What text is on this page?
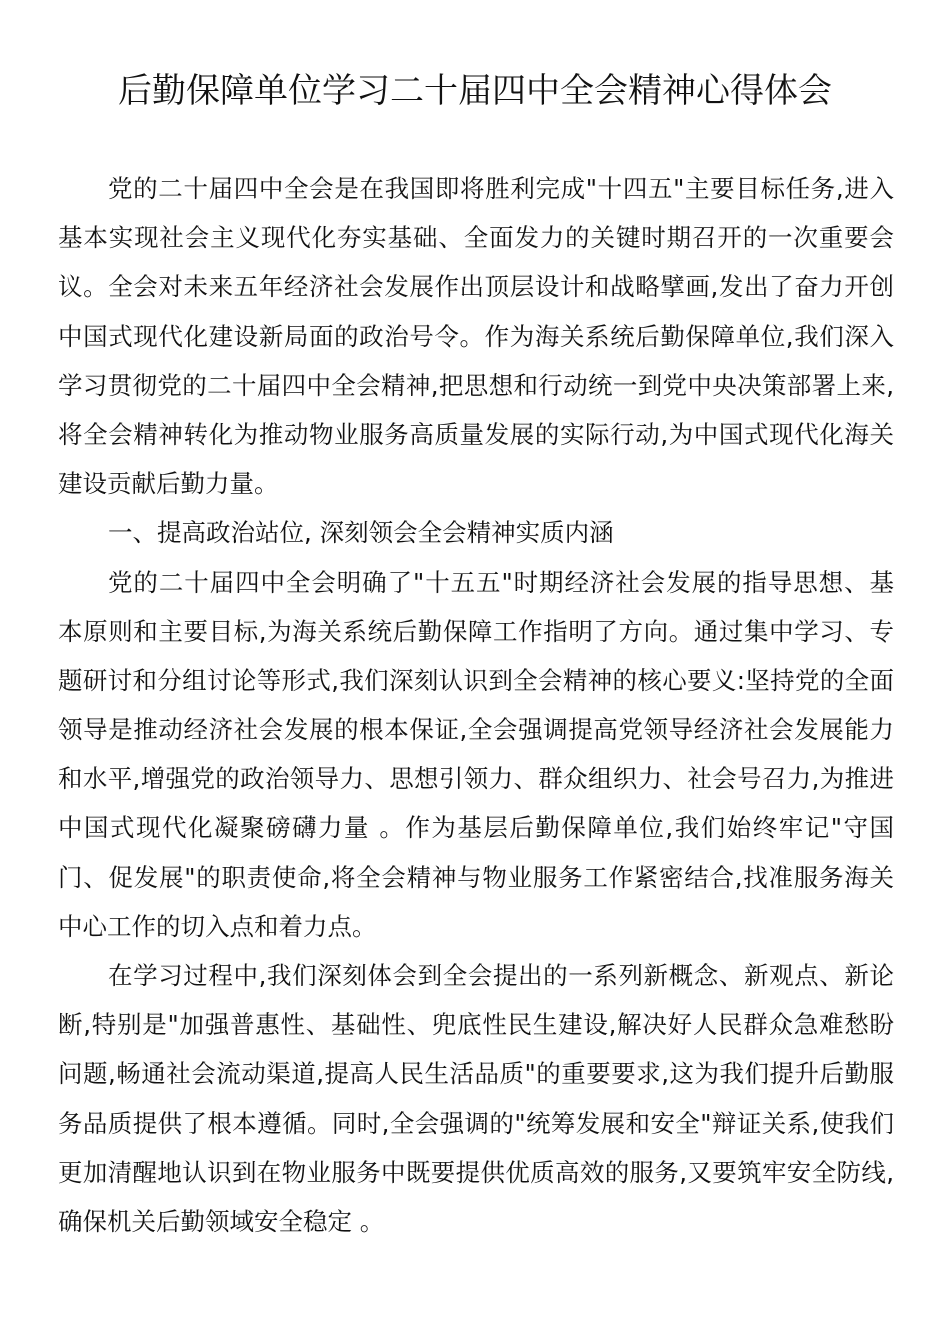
后勤保障单位学习二十届四中全会精神心得体会
党的二十届四中全会是在我国即将胜利完成"十四五"主要目标任务,进入
基本实现社会主义现代化夯实基础、全面发力的关键时期召开的一次重要会
议。全会对未来五年经济社会发展作出顶层设计和战略擘画,发出了奋力开创
中国式现代化建设新局面的政治号令。作为海关系统后勤保障单位,我们深入
学习贯彻党的二十届四中全会精神,把思想和行动统一到党中央决策部署上来,
将全会精神转化为推动物业服务高质量发展的实际行动,为中国式现代化海关
建设贡献后勤力量。
一、提高政治站位, 深刻领会全会精神实质内涵
党的二十届四中全会明确了"十五五"时期经济社会发展的指导思想、基
本原则和主要目标,为海关系统后勤保障工作指明了方向。通过集中学习、专
题研讨和分组讨论等形式,我们深刻认识到全会精神的核心要义:坚持党的全面
领导是推动经济社会发展的根本保证,全会强调提高党领导经济社会发展能力
和水平,增强党的政治领导力、思想引领力、群众组织力、社会号召力,为推进
中国式现代化凝聚磅礴力量 。作为基层后勤保障单位,我们始终牢记"守国
门、促发展"的职责使命,将全会精神与物业服务工作紧密结合,找准服务海关
中心工作的切入点和着力点。
在学习过程中,我们深刻体会到全会提出的一系列新概念、新观点、新论
断,特别是"加强普惠性、基础性、兜底性民生建设,解决好人民群众急难愁盼
问题,畅通社会流动渠道,提高人民生活品质"的重要要求,这为我们提升后勤服
务品质提供了根本遵循。同时,全会强调的"统筹发展和安全"辩证关系,使我们
更加清醒地认识到在物业服务中既要提供优质高效的服务,又要筑牢安全防线,
确保机关后勤领域安全稳定 。
